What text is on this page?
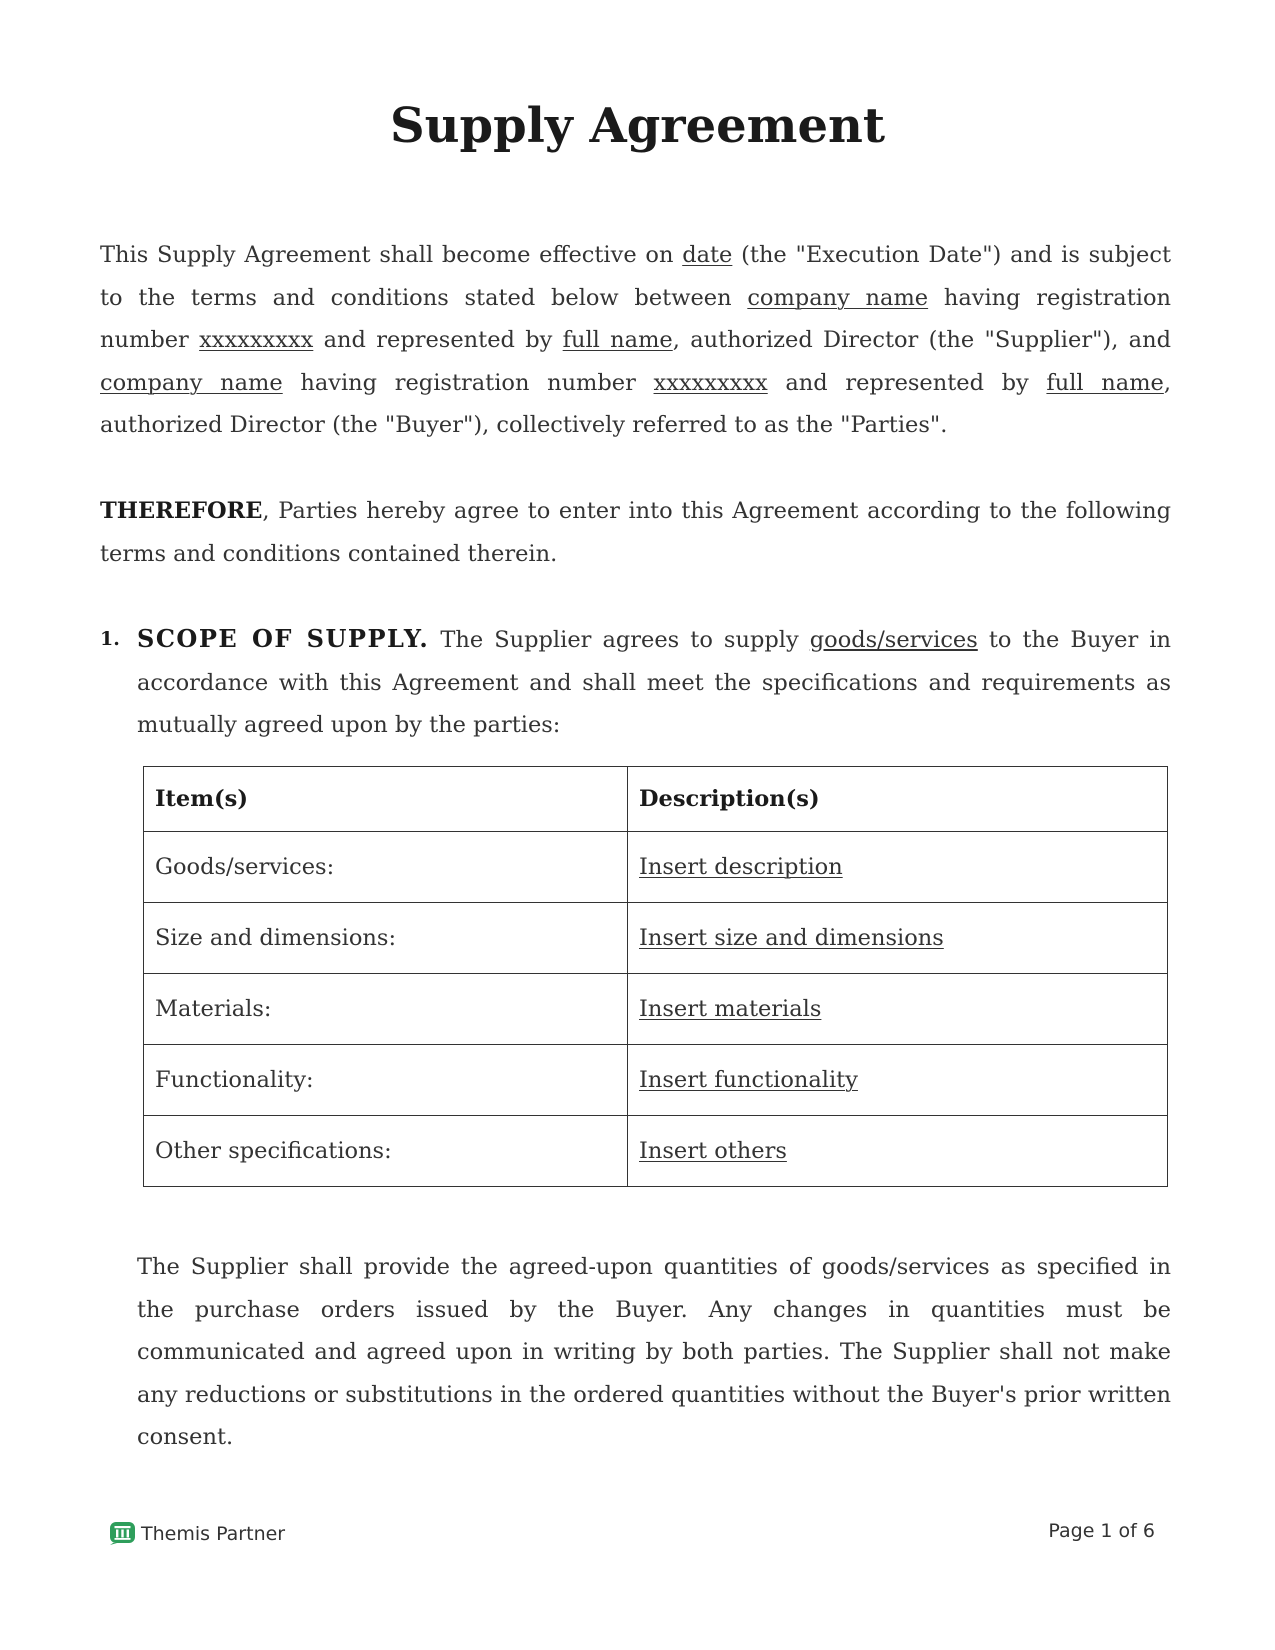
Supply Agreement

This Supply Agreement shall become effective on date (the "Execution Date") and is subject to the terms and conditions stated below between company name having registration number xxxxxxxxx and represented by full name, authorized Director (the "Supplier"), and company name having registration number xxxxxxxxx and represented by full name, authorized Director (the "Buyer"), collectively referred to as the "Parties".

THEREFORE, Parties hereby agree to enter into this Agreement according to the following terms and conditions contained therein.

1. SCOPE OF SUPPLY. The Supplier agrees to supply goods/services to the Buyer in accordance with this Agreement and shall meet the specifications and requirements as mutually agreed upon by the parties:

Item(s)	Description(s)
Goods/services:	Insert description
Size and dimensions:	Insert size and dimensions
Materials:	Insert materials
Functionality:	Insert functionality
Other specifications:	Insert others

The Supplier shall provide the agreed-upon quantities of goods/services as specified in the purchase orders issued by the Buyer. Any changes in quantities must be communicated and agreed upon in writing by both parties. The Supplier shall not make any reductions or substitutions in the ordered quantities without the Buyer's prior written consent.

Themis Partner	Page 1 of 6
